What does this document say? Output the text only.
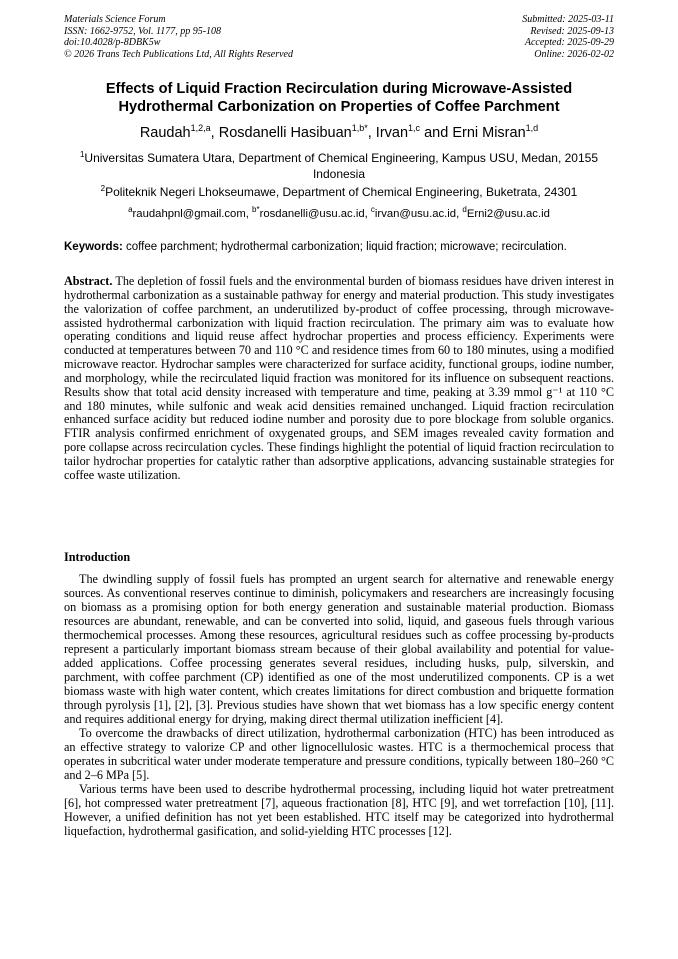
Materials Science Forum
ISSN: 1662-9752, Vol. 1177, pp 95-108
doi:10.4028/p-8DBK5w
© 2026 Trans Tech Publications Ltd, All Rights Reserved
Submitted: 2025-03-11
Revised: 2025-09-13
Accepted: 2025-09-29
Online: 2026-02-02
Effects of Liquid Fraction Recirculation during Microwave-Assisted Hydrothermal Carbonization on Properties of Coffee Parchment
Raudah$^{1,2,a}$, Rosdanelli Hasibuan$^{1,b*}$, Irvan$^{1,c}$ and Erni Misran$^{1,d}$
$^1$Universitas Sumatera Utara, Department of Chemical Engineering, Kampus USU, Medan, 20155 Indonesia
$^2$Politeknik Negeri Lhokseumawe, Department of Chemical Engineering, Buketrata, 24301
$^a$raudahpnl@gmail.com, $^{b*}$rosdanelli@usu.ac.id, $^c$irvan@usu.ac.id, $^d$Erni2@usu.ac.id
Keywords: coffee parchment; hydrothermal carbonization; liquid fraction; microwave; recirculation.
Abstract. The depletion of fossil fuels and the environmental burden of biomass residues have driven interest in hydrothermal carbonization as a sustainable pathway for energy and material production. This study investigates the valorization of coffee parchment, an underutilized by-product of coffee processing, through microwave-assisted hydrothermal carbonization with liquid fraction recirculation. The primary aim was to evaluate how operating conditions and liquid reuse affect hydrochar properties and process efficiency. Experiments were conducted at temperatures between 70 and 110 °C and residence times from 60 to 180 minutes, using a modified microwave reactor. Hydrochar samples were characterized for surface acidity, functional groups, iodine number, and morphology, while the recirculated liquid fraction was monitored for its influence on subsequent reactions. Results show that total acid density increased with temperature and time, peaking at 3.39 mmol g⁻¹ at 110 °C and 180 minutes, while sulfonic and weak acid densities remained unchanged. Liquid fraction recirculation enhanced surface acidity but reduced iodine number and porosity due to pore blockage from soluble organics. FTIR analysis confirmed enrichment of oxygenated groups, and SEM images revealed cavity formation and pore collapse across recirculation cycles. These findings highlight the potential of liquid fraction recirculation to tailor hydrochar properties for catalytic rather than adsorptive applications, advancing sustainable strategies for coffee waste utilization.
Introduction

The dwindling supply of fossil fuels has prompted an urgent search for alternative and renewable energy sources. As conventional reserves continue to diminish, policymakers and researchers are increasingly focusing on biomass as a promising option for both energy generation and sustainable material production. Biomass resources are abundant, renewable, and can be converted into solid, liquid, and gaseous fuels through various thermochemical processes. Among these resources, agricultural residues such as coffee processing by-products represent a particularly important biomass stream because of their global availability and potential for value-added applications. Coffee processing generates several residues, including husks, pulp, silverskin, and parchment, with coffee parchment (CP) identified as one of the most underutilized components. CP is a wet biomass waste with high water content, which creates limitations for direct combustion and briquette formation through pyrolysis [1], [2], [3]. Previous studies have shown that wet biomass has a low specific energy content and requires additional energy for drying, making direct thermal utilization inefficient [4].

To overcome the drawbacks of direct utilization, hydrothermal carbonization (HTC) has been introduced as an effective strategy to valorize CP and other lignocellulosic wastes. HTC is a thermochemical process that operates in subcritical water under moderate temperature and pressure conditions, typically between 180–260 °C and 2–6 MPa [5].

Various terms have been used to describe hydrothermal processing, including liquid hot water pretreatment [6], hot compressed water pretreatment [7], aqueous fractionation [8], HTC [9], and wet torrefaction [10], [11]. However, a unified definition has not yet been established. HTC itself may be categorized into hydrothermal liquefaction, hydrothermal gasification, and solid-yielding HTC processes [12].
